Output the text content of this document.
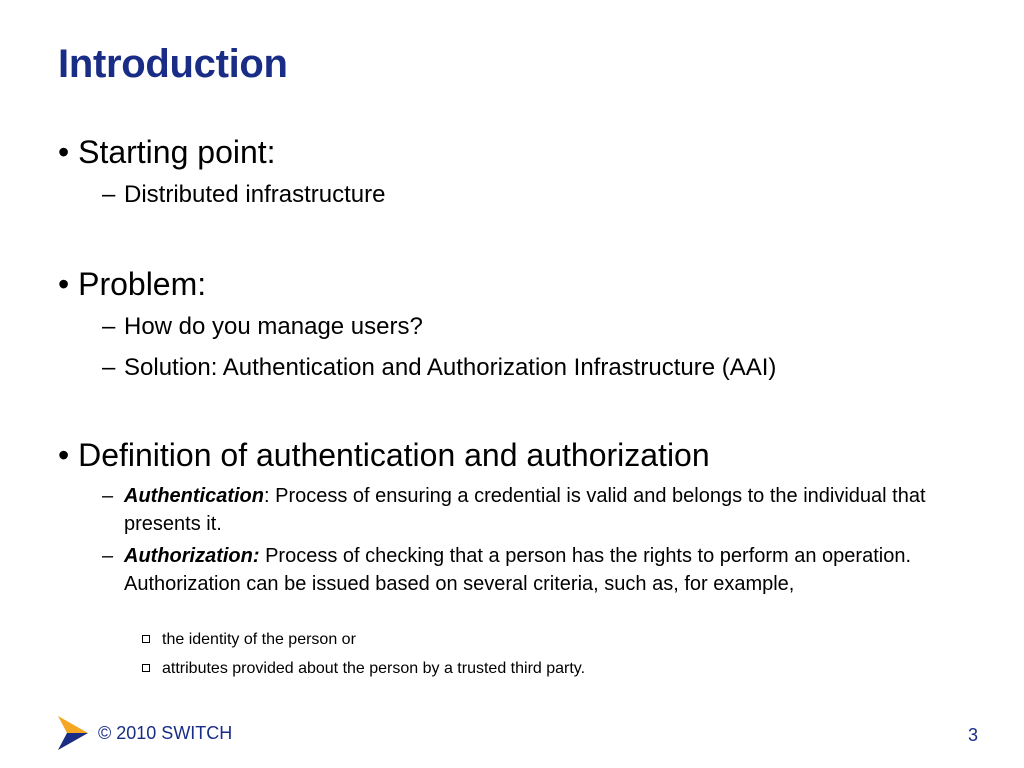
Introduction
• Starting point:
– Distributed infrastructure
• Problem:
– How do you manage users?
– Solution: Authentication and Authorization Infrastructure (AAI)
• Definition of authentication and authorization
– Authentication: Process of ensuring a credential is valid and belongs to the individual that presents it.
– Authorization: Process of checking that a person has the rights to perform an operation. Authorization can be issued based on several criteria, such as, for example,
the identity of the person or
attributes provided about the person by a trusted third party.
© 2010 SWITCH	3
